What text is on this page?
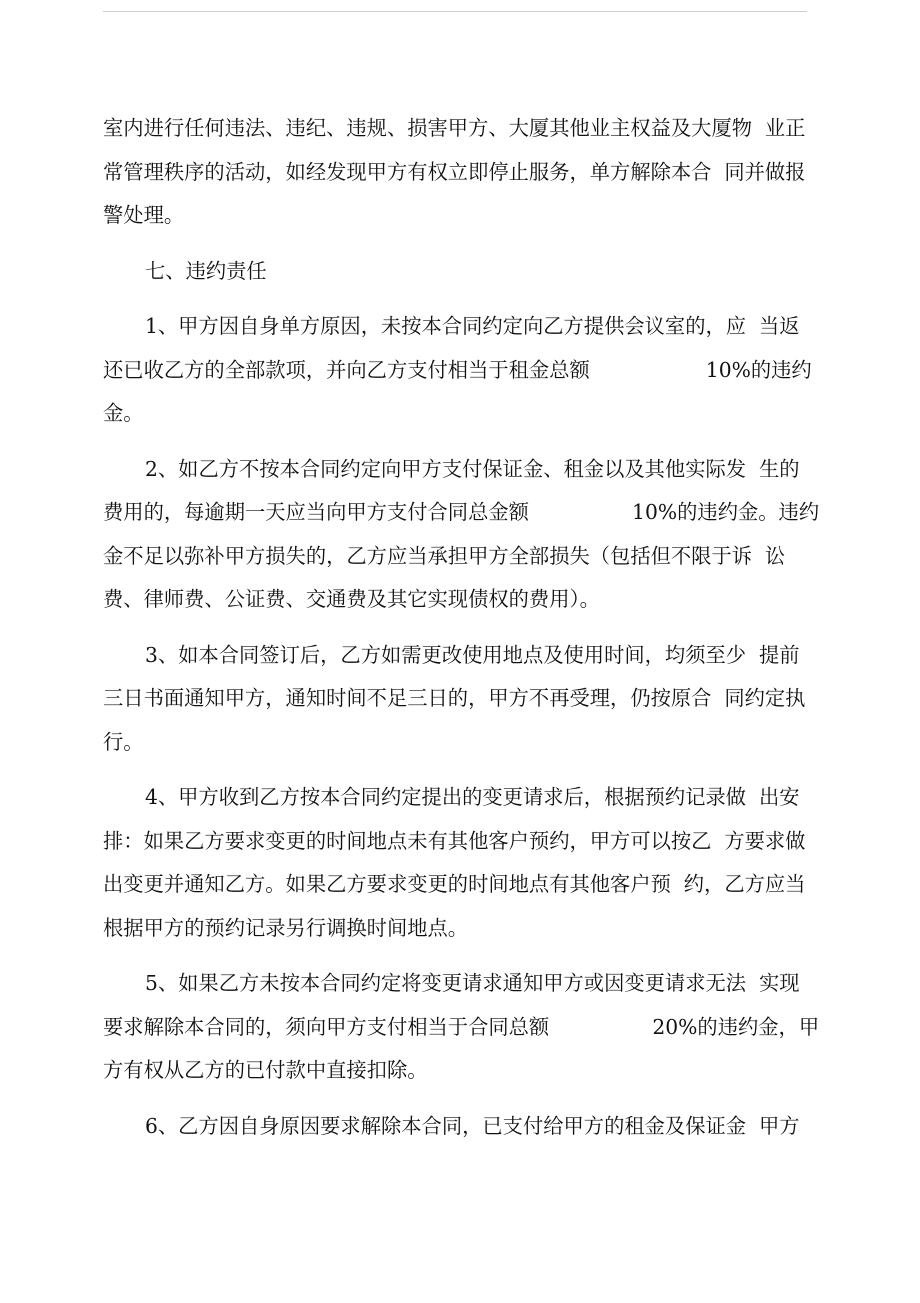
室内进行任何违法、违纪、违规、损害甲方、大厦其他业主权益及大厦物  业正
常管理秩序的活动，如经发现甲方有权立即停止服务，单方解除本合  同并做报
警处理。
七、违约责任
1、甲方因自身单方原因，未按本合同约定向乙方提供会议室的，应  当返
还已收乙方的全部款项，并向乙方支付相当于租金总额                  10%的违约
金。
2、如乙方不按本合同约定向甲方支付保证金、租金以及其他实际发  生的
费用的，每逾期一天应当向甲方支付合同总金额                10%的违约金。违约
金不足以弥补甲方损失的，乙方应当承担甲方全部损失（包括但不限于诉  讼
费、律师费、公证费、交通费及其它实现债权的费用）。
3、如本合同签订后，乙方如需更改使用地点及使用时间，均须至少  提前
三日书面通知甲方，通知时间不足三日的，甲方不再受理，仍按原合  同约定执
行。
4、甲方收到乙方按本合同约定提出的变更请求后，根据预约记录做  出安
排：如果乙方要求变更的时间地点未有其他客户预约，甲方可以按乙  方要求做
出变更并通知乙方。如果乙方要求变更的时间地点有其他客户预  约，乙方应当
根据甲方的预约记录另行调换时间地点。
5、如果乙方未按本合同约定将变更请求通知甲方或因变更请求无法  实现
要求解除本合同的，须向甲方支付相当于合同总额                20%的违约金，甲
方有权从乙方的已付款中直接扣除。
6、乙方因自身原因要求解除本合同，已支付给甲方的租金及保证金  甲方
